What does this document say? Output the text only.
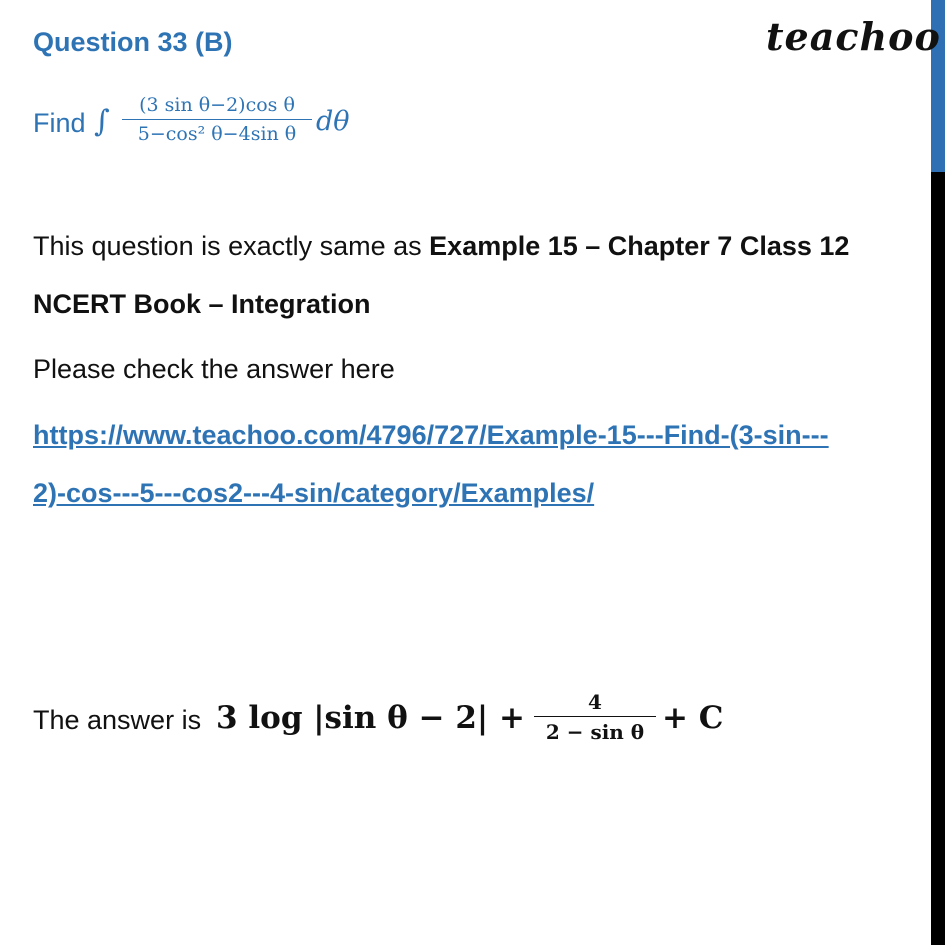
Question 33 (B)	teachoo
Find ∫	(3 sin θ−2)cos θ
5−cos² θ−4sin θ dθ
This question is exactly same as Example 15 – Chapter 7 Class 12
NCERT Book – Integration
Please check the answer here
https://www.teachoo.com/4796/727/Example-15---Find-(3-sin---
2)-cos---5---cos2---4-sin/category/Examples/
The answer is 3 log |sin θ − 2| +	4
2 − sin θ + C
